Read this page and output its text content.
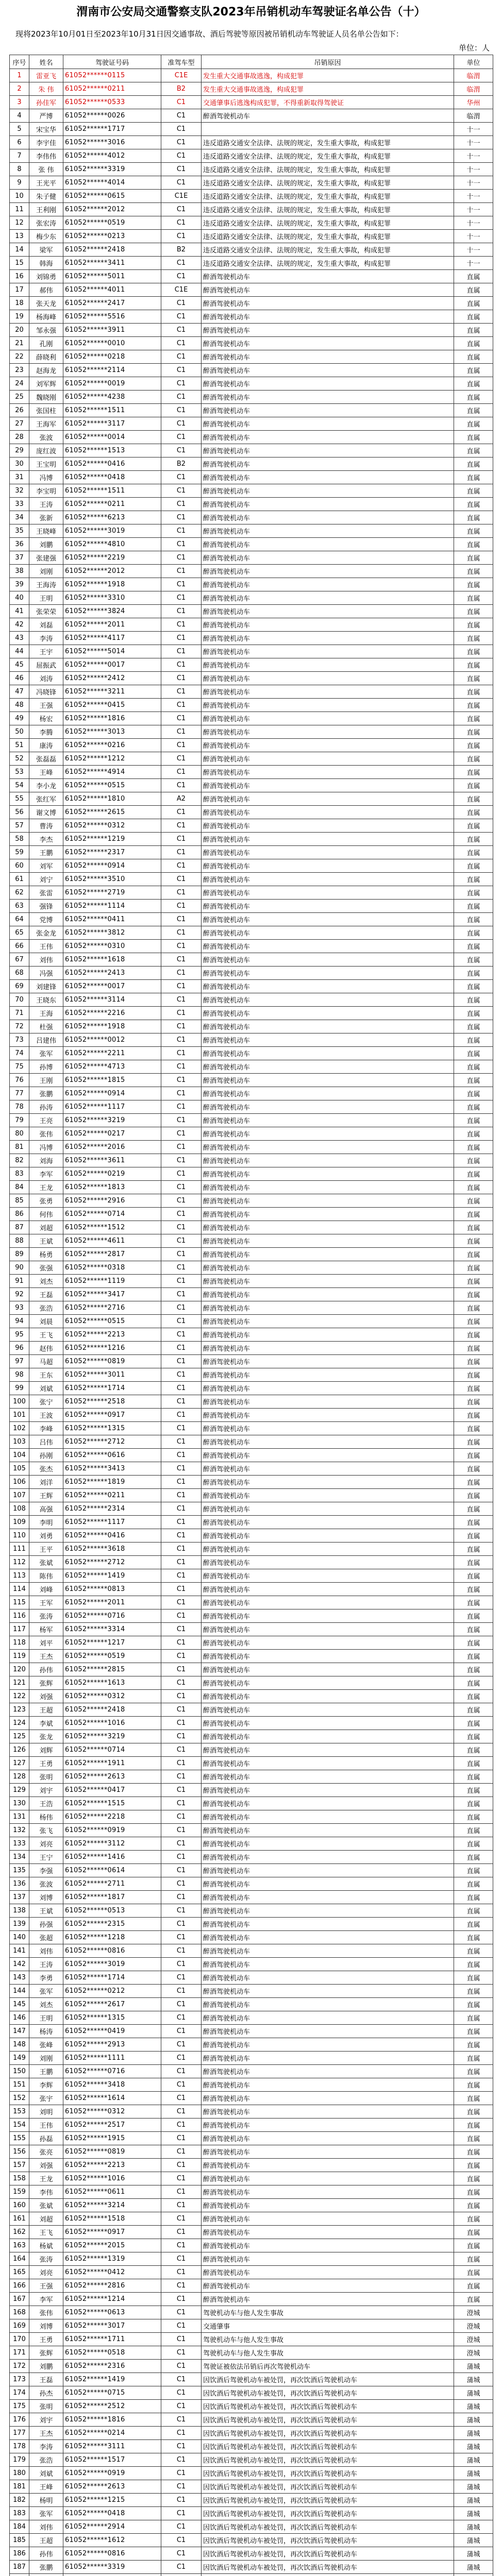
渭南市公安局交通警察支队2023年吊销机动车驾驶证名单公告（十）
现将2023年10月01日至2023年10月31日因交通事故、酒后驾驶等原因被吊销机动车驾驶证人员名单公告如下：
单位：人
序号	姓名	驾驶证号码	准驾车型	吊销原因	单位
1	雷亚飞	61052******0115	C1E	发生重大交通事故逃逸，构成犯罪	临渭
2	朱 伟	61052******0211	B2	发生重大交通事故逃逸，构成犯罪	临渭
3	孙佳军	61052******0533	C1	交通肇事后逃逸构成犯罪，不得重新取得驾驶证	华州
4	严博	61052******0026	C1	醉酒驾驶机动车	临渭
5	宋宝华	61052******1717	C1		十一
6	李宇佳	61052******3016	C1	违反道路交通安全法律、法规的规定，发生重大事故，构成犯罪	十一
7	李伟伟	61052******4012	C1	违反道路交通安全法律、法规的规定，发生重大事故，构成犯罪	十一
8	张 伟	61052******3319	C1	违反道路交通安全法律、法规的规定，发生重大事故，构成犯罪	十一
9	王光平	61052******4014	C1	违反道路交通安全法律、法规的规定，发生重大事故，构成犯罪	十一
10	朱子健	61052******0615	C1E	违反道路交通安全法律、法规的规定，发生重大事故，构成犯罪	十一
11	王利刚	61052******2012	C1	违反道路交通安全法律、法规的规定，发生重大事故，构成犯罪	十一
12	张宏涛	61052******0519	C1	违反道路交通安全法律、法规的规定，发生重大事故，构成犯罪	十一
13	梅少东	61052******0213	C1	违反道路交通安全法律、法规的规定，发生重大事故，构成犯罪	十一
14	梁军	61052******2418	B2	违反道路交通安全法律、法规的规定，发生重大事故，构成犯罪	十一
15	韩海	61052******3411	C1	违反道路交通安全法律、法规的规定，发生重大事故，构成犯罪	十一
16	刘锦勇	61052******5011	C1	醉酒驾驶机动车	直属
17	郝伟	61052******4011	C1E	醉酒驾驶机动车	直属
18	张天龙	61052******2417	C1	醉酒驾驶机动车	直属
19	杨海峰	61052******5516	C1	醉酒驾驶机动车	直属
20	邹永强	61052******3911	C1	醉酒驾驶机动车	直属
21	孔刚	61052******0010	C1	醉酒驾驶机动车	直属
22	薛晓利	61052******0218	C1	醉酒驾驶机动车	直属
23	赵海龙	61052******2114	C1	醉酒驾驶机动车	直属
24	刘军辉	61052******0019	C1	醉酒驾驶机动车	直属
25	魏晓刚	61052******4238	C1	醉酒驾驶机动车	直属
26	张国柱	61052******1511	C1	醉酒驾驶机动车	直属
27	王海军	61052******3117	C1	醉酒驾驶机动车	直属
28	张波	61052******0014	C1	醉酒驾驶机动车	直属
29	庞红波	61052******1513	C1	醉酒驾驶机动车	直属
30	王宝明	61052******0416	B2	醉酒驾驶机动车	直属
31	冯博	61052******0418	C1	醉酒驾驶机动车	直属
32	李宝明	61052******1511	C1	醉酒驾驶机动车	直属
33	王涛	61052******0211	C1	醉酒驾驶机动车	直属
34	张新	61052******6213	C1	醉酒驾驶机动车	直属
35	王晓峰	61052******3019	C1	醉酒驾驶机动车	直属
36	刘鹏	61052******4810	C1	醉酒驾驶机动车	直属
37	张建强	61052******2219	C1	醉酒驾驶机动车	直属
38	刘刚	61052******2012	C1	醉酒驾驶机动车	直属
39	王海涛	61052******1918	C1	醉酒驾驶机动车	直属
40	王明	61052******3310	C1	醉酒驾驶机动车	直属
41	张荣荣	61052******3824	C1	醉酒驾驶机动车	直属
42	刘磊	61052******2011	C1	醉酒驾驶机动车	直属
43	李涛	61052******4117	C1	醉酒驾驶机动车	直属
44	王宇	61052******5014	C1	醉酒驾驶机动车	直属
45	屈振武	61052******0017	C1	醉酒驾驶机动车	直属
46	刘涛	61052******2412	C1	醉酒驾驶机动车	直属
47	冯晓锋	61052******3211	C1	醉酒驾驶机动车	直属
48	王强	61052******0415	C1	醉酒驾驶机动车	直属
49	杨宏	61052******1816	C1	醉酒驾驶机动车	直属
50	李腾	61052******3013	C1	醉酒驾驶机动车	直属
51	康涛	61052******0216	C1	醉酒驾驶机动车	直属
52	张磊磊	61052******1212	C1	醉酒驾驶机动车	直属
53	王峰	61052******4914	C1	醉酒驾驶机动车	直属
54	李小龙	61052******0515	C1	醉酒驾驶机动车	直属
55	张红军	61052******1810	A2	醉酒驾驶机动车	直属
56	谢文博	61052******2615	C1	醉酒驾驶机动车	直属
57	曹涛	61052******0312	C1	醉酒驾驶机动车	直属
58	李杰	61052******1219	C1	醉酒驾驶机动车	直属
59	王鹏	61052******2317	C1	醉酒驾驶机动车	直属
60	刘军	61052******0914	C1	醉酒驾驶机动车	直属
61	刘宁	61052******3510	C1	醉酒驾驶机动车	直属
62	张雷	61052******2719	C1	醉酒驾驶机动车	直属
63	强锋	61052******1114	C1	醉酒驾驶机动车	直属
64	党博	61052******0411	C1	醉酒驾驶机动车	直属
65	张金龙	61052******3812	C1	醉酒驾驶机动车	直属
66	王伟	61052******0310	C1	醉酒驾驶机动车	直属
67	刘伟	61052******1618	C1	醉酒驾驶机动车	直属
68	冯强	61052******2413	C1	醉酒驾驶机动车	直属
69	刘建锋	61052******0017	C1	醉酒驾驶机动车	直属
70	王晓东	61052******3114	C1	醉酒驾驶机动车	直属
71	王海	61052******2216	C1	醉酒驾驶机动车	直属
72	杜强	61052******1918	C1	醉酒驾驶机动车	直属
73	吕建伟	61052******0012	C1	醉酒驾驶机动车	直属
74	张军	61052******2211	C1	醉酒驾驶机动车	直属
75	孙博	61052******4713	C1	醉酒驾驶机动车	直属
76	王刚	61052******1815	C1	醉酒驾驶机动车	直属
77	张鹏	61052******0914	C1	醉酒驾驶机动车	直属
78	孙涛	61052******1117	C1	醉酒驾驶机动车	直属
79	王亮	61052******3219	C1	醉酒驾驶机动车	直属
80	张伟	61052******0217	C1	醉酒驾驶机动车	直属
81	冯博	61052******2016	C1	醉酒驾驶机动车	直属
82	刘海	61052******3611	C1	醉酒驾驶机动车	直属
83	李军	61052******0219	C1	醉酒驾驶机动车	直属
84	王龙	61052******1813	C1	醉酒驾驶机动车	直属
85	张勇	61052******2916	C1	醉酒驾驶机动车	直属
86	何伟	61052******0714	C1	醉酒驾驶机动车	直属
87	刘超	61052******1512	C1	醉酒驾驶机动车	直属
88	王斌	61052******4611	C1	醉酒驾驶机动车	直属
89	杨勇	61052******2817	C1	醉酒驾驶机动车	直属
90	张强	61052******0318	C1	醉酒驾驶机动车	直属
91	刘杰	61052******1119	C1	醉酒驾驶机动车	直属
92	王磊	61052******3417	C1	醉酒驾驶机动车	直属
93	张浩	61052******2716	C1	醉酒驾驶机动车	直属
94	刘晨	61052******0515	C1	醉酒驾驶机动车	直属
95	王飞	61052******2213	C1	醉酒驾驶机动车	直属
96	赵伟	61052******1216	C1	醉酒驾驶机动车	直属
97	马超	61052******0819	C1	醉酒驾驶机动车	直属
98	王东	61052******3011	C1	醉酒驾驶机动车	直属
99	刘斌	61052******1714	C1	醉酒驾驶机动车	直属
100	张宁	61052******2518	C1	醉酒驾驶机动车	直属
101	王波	61052******0917	C1	醉酒驾驶机动车	直属
102	李峰	61052******1315	C1	醉酒驾驶机动车	直属
103	吕伟	61052******2712	C1	醉酒驾驶机动车	直属
104	孙刚	61052******0616	C1	醉酒驾驶机动车	直属
105	张杰	61052******3413	C1	醉酒驾驶机动车	直属
106	刘洋	61052******1819	C1	醉酒驾驶机动车	直属
107	王辉	61052******0211	C1	醉酒驾驶机动车	直属
108	高强	61052******2314	C1	醉酒驾驶机动车	直属
109	李明	61052******1117	C1	醉酒驾驶机动车	直属
110	刘勇	61052******0416	C1	醉酒驾驶机动车	直属
111	王平	61052******3618	C1	醉酒驾驶机动车	直属
112	张斌	61052******2712	C1	醉酒驾驶机动车	直属
113	陈伟	61052******1419	C1	醉酒驾驶机动车	直属
114	刘峰	61052******0813	C1	醉酒驾驶机动车	直属
115	王军	61052******2011	C1	醉酒驾驶机动车	直属
116	张涛	61052******0716	C1	醉酒驾驶机动车	直属
117	杨军	61052******3314	C1	醉酒驾驶机动车	直属
118	刘平	61052******1217	C1	醉酒驾驶机动车	直属
119	王杰	61052******0519	C1	醉酒驾驶机动车	直属
120	孙伟	61052******2815	C1	醉酒驾驶机动车	直属
121	张辉	61052******1613	C1	醉酒驾驶机动车	直属
122	刘强	61052******0312	C1	醉酒驾驶机动车	直属
123	王超	61052******2418	C1	醉酒驾驶机动车	直属
124	李斌	61052******1016	C1	醉酒驾驶机动车	直属
125	张龙	61052******3219	C1	醉酒驾驶机动车	直属
126	刘辉	61052******0714	C1	醉酒驾驶机动车	直属
127	王勇	61052******1911	C1	醉酒驾驶机动车	直属
128	张明	61052******2613	C1	醉酒驾驶机动车	直属
129	刘宇	61052******0417	C1	醉酒驾驶机动车	直属
130	王浩	61052******1515	C1	醉酒驾驶机动车	直属
131	杨伟	61052******2218	C1	醉酒驾驶机动车	直属
132	张飞	61052******0919	C1	醉酒驾驶机动车	直属
133	刘亮	61052******3112	C1	醉酒驾驶机动车	直属
134	王宁	61052******1416	C1	醉酒驾驶机动车	直属
135	李强	61052******0614	C1	醉酒驾驶机动车	直属
136	张波	61052******2711	C1	醉酒驾驶机动车	直属
137	刘博	61052******1817	C1	醉酒驾驶机动车	直属
138	王斌	61052******0513	C1	醉酒驾驶机动车	直属
139	孙强	61052******2315	C1	醉酒驾驶机动车	直属
140	张超	61052******1218	C1	醉酒驾驶机动车	直属
141	刘伟	61052******0816	C1	醉酒驾驶机动车	直属
142	王涛	61052******3019	C1	醉酒驾驶机动车	直属
143	李勇	61052******1714	C1	醉酒驾驶机动车	直属
144	张军	61052******0212	C1	醉酒驾驶机动车	直属
145	刘杰	61052******2617	C1	醉酒驾驶机动车	直属
146	王明	61052******1315	C1	醉酒驾驶机动车	直属
147	杨涛	61052******0419	C1	醉酒驾驶机动车	直属
148	张峰	61052******2913	C1	醉酒驾驶机动车	直属
149	刘刚	61052******1111	C1	醉酒驾驶机动车	直属
150	王鹏	61052******0716	C1	醉酒驾驶机动车	直属
151	李辉	61052******3418	C1	醉酒驾驶机动车	直属
152	张宇	61052******1614	C1	醉酒驾驶机动车	直属
153	刘明	61052******0312	C1	醉酒驾驶机动车	直属
154	王伟	61052******2517	C1	醉酒驾驶机动车	直属
155	孙磊	61052******1915	C1	醉酒驾驶机动车	直属
156	张亮	61052******0819	C1	醉酒驾驶机动车	直属
157	刘强	61052******2213	C1	醉酒驾驶机动车	直属
158	王龙	61052******1016	C1	醉酒驾驶机动车	直属
159	李伟	61052******0611	C1	醉酒驾驶机动车	直属
160	张斌	61052******3214	C1	醉酒驾驶机动车	直属
161	刘超	61052******1518	C1	醉酒驾驶机动车	直属
162	王飞	61052******0917	C1	醉酒驾驶机动车	直属
163	杨斌	61052******2015	C1	醉酒驾驶机动车	直属
164	张涛	61052******1319	C1	醉酒驾驶机动车	直属
165	刘亮	61052******0412	C1	醉酒驾驶机动车	直属
166	王强	61052******2816	C1	醉酒驾驶机动车	直属
167	李军	61052******1214	C1	醉酒驾驶机动车	直属
168	张伟	61052******0613	C1	驾驶机动车与他人发生事故	澄城
169	刘博	61052******3017	C1	交通肇事	澄城
170	王勇	61052******1711	C1	驾驶机动车与他人发生事故	澄城
171	张辉	61052******0518	C1	驾驶机动车与他人发生事故	澄城
172	刘鹏	61052******2316	C1	驾驶证被依法吊销后再次驾驶机动车	蒲城
173	王磊	61052******1419	C1	因饮酒后驾驶机动车被处罚，再次饮酒后驾驶机动车	蒲城
174	孙杰	61052******0715	C1	因饮酒后驾驶机动车被处罚，再次饮酒后驾驶机动车	蒲城
175	张明	61052******2512	C1	因饮酒后驾驶机动车被处罚，再次饮酒后驾驶机动车	蒲城
176	刘宇	61052******1816	C1	因饮酒后驾驶机动车被处罚，再次饮酒后驾驶机动车	蒲城
177	王杰	61052******0214	C1	因饮酒后驾驶机动车被处罚，再次饮酒后驾驶机动车	蒲城
178	李涛	61052******3111	C1	因饮酒后驾驶机动车被处罚，再次饮酒后驾驶机动车	蒲城
179	张浩	61052******1517	C1	因饮酒后驾驶机动车被处罚，再次饮酒后驾驶机动车	蒲城
180	刘斌	61052******0919	C1	因饮酒后驾驶机动车被处罚，再次饮酒后驾驶机动车	蒲城
181	王峰	61052******2613	C1	因饮酒后驾驶机动车被处罚，再次饮酒后驾驶机动车	蒲城
182	杨明	61052******1215	C1	因饮酒后驾驶机动车被处罚，再次饮酒后驾驶机动车	蒲城
183	张军	61052******0418	C1	因饮酒后驾驶机动车被处罚，再次饮酒后驾驶机动车	蒲城
184	刘伟	61052******2914	C1	因饮酒后驾驶机动车被处罚，再次饮酒后驾驶机动车	蒲城
185	王超	61052******1612	C1	因饮酒后驾驶机动车被处罚，再次饮酒后驾驶机动车	蒲城
186	孙伟	61052******0816	C1	因饮酒后驾驶机动车被处罚，再次饮酒后驾驶机动车	蒲城
187	张鹏	61052******3319	C1	因饮酒后驾驶机动车被处罚，再次饮酒后驾驶机动车	蒲城
